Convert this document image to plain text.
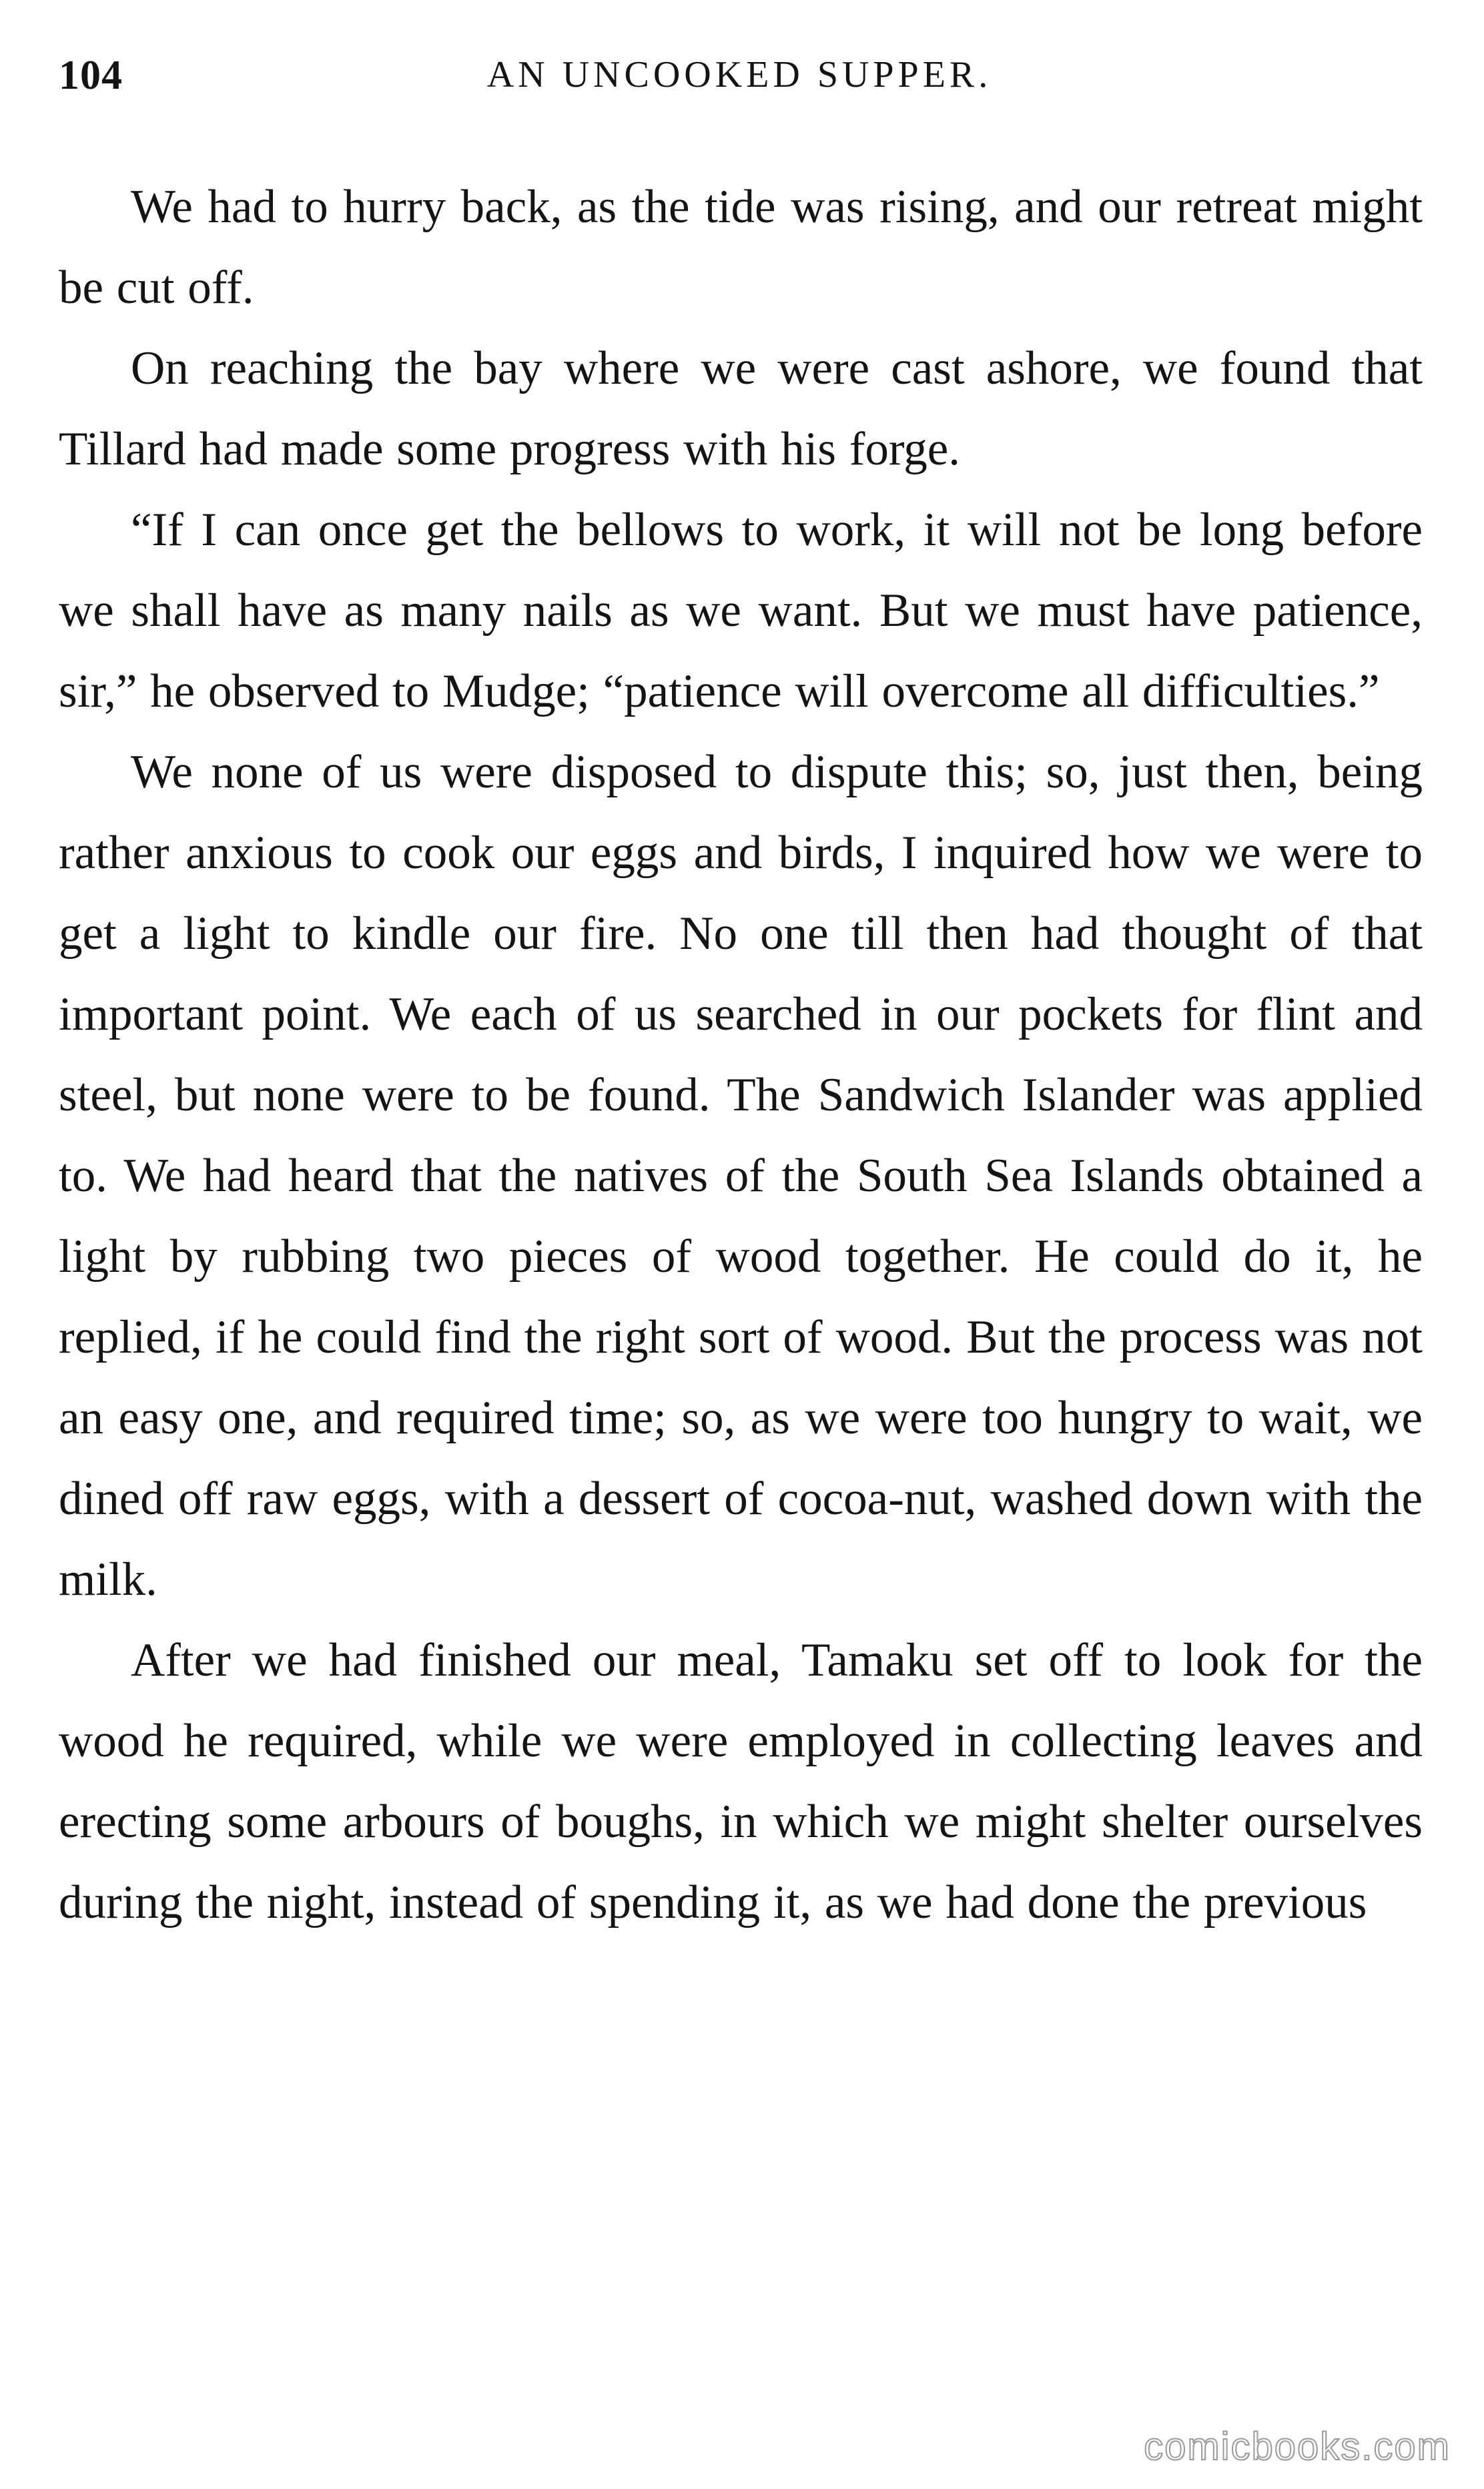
104	AN UNCOOKED SUPPER.

We had to hurry back, as the tide was rising, and our retreat might be cut off.

On reaching the bay where we were cast ashore, we found that Tillard had made some progress with his forge.

“If I can once get the bellows to work, it will not be long before we shall have as many nails as we want. But we must have patience, sir,” he observed to Mudge; “patience will overcome all difficulties.”

We none of us were disposed to dispute this; so, just then, being rather anxious to cook our eggs and birds, I inquired how we were to get a light to kindle our fire. No one till then had thought of that important point. We each of us searched in our pockets for flint and steel, but none were to be found. The Sandwich Islander was applied to. We had heard that the natives of the South Sea Islands obtained a light by rubbing two pieces of wood together. He could do it, he replied, if he could find the right sort of wood. But the process was not an easy one, and required time; so, as we were too hungry to wait, we dined off raw eggs, with a dessert of cocoa-nut, washed down with the milk.

After we had finished our meal, Tamaku set off to look for the wood he required, while we were employed in collecting leaves and erecting some arbours of boughs, in which we might shelter ourselves during the night, instead of spending it, as we had done the previous

comicbooks.com
